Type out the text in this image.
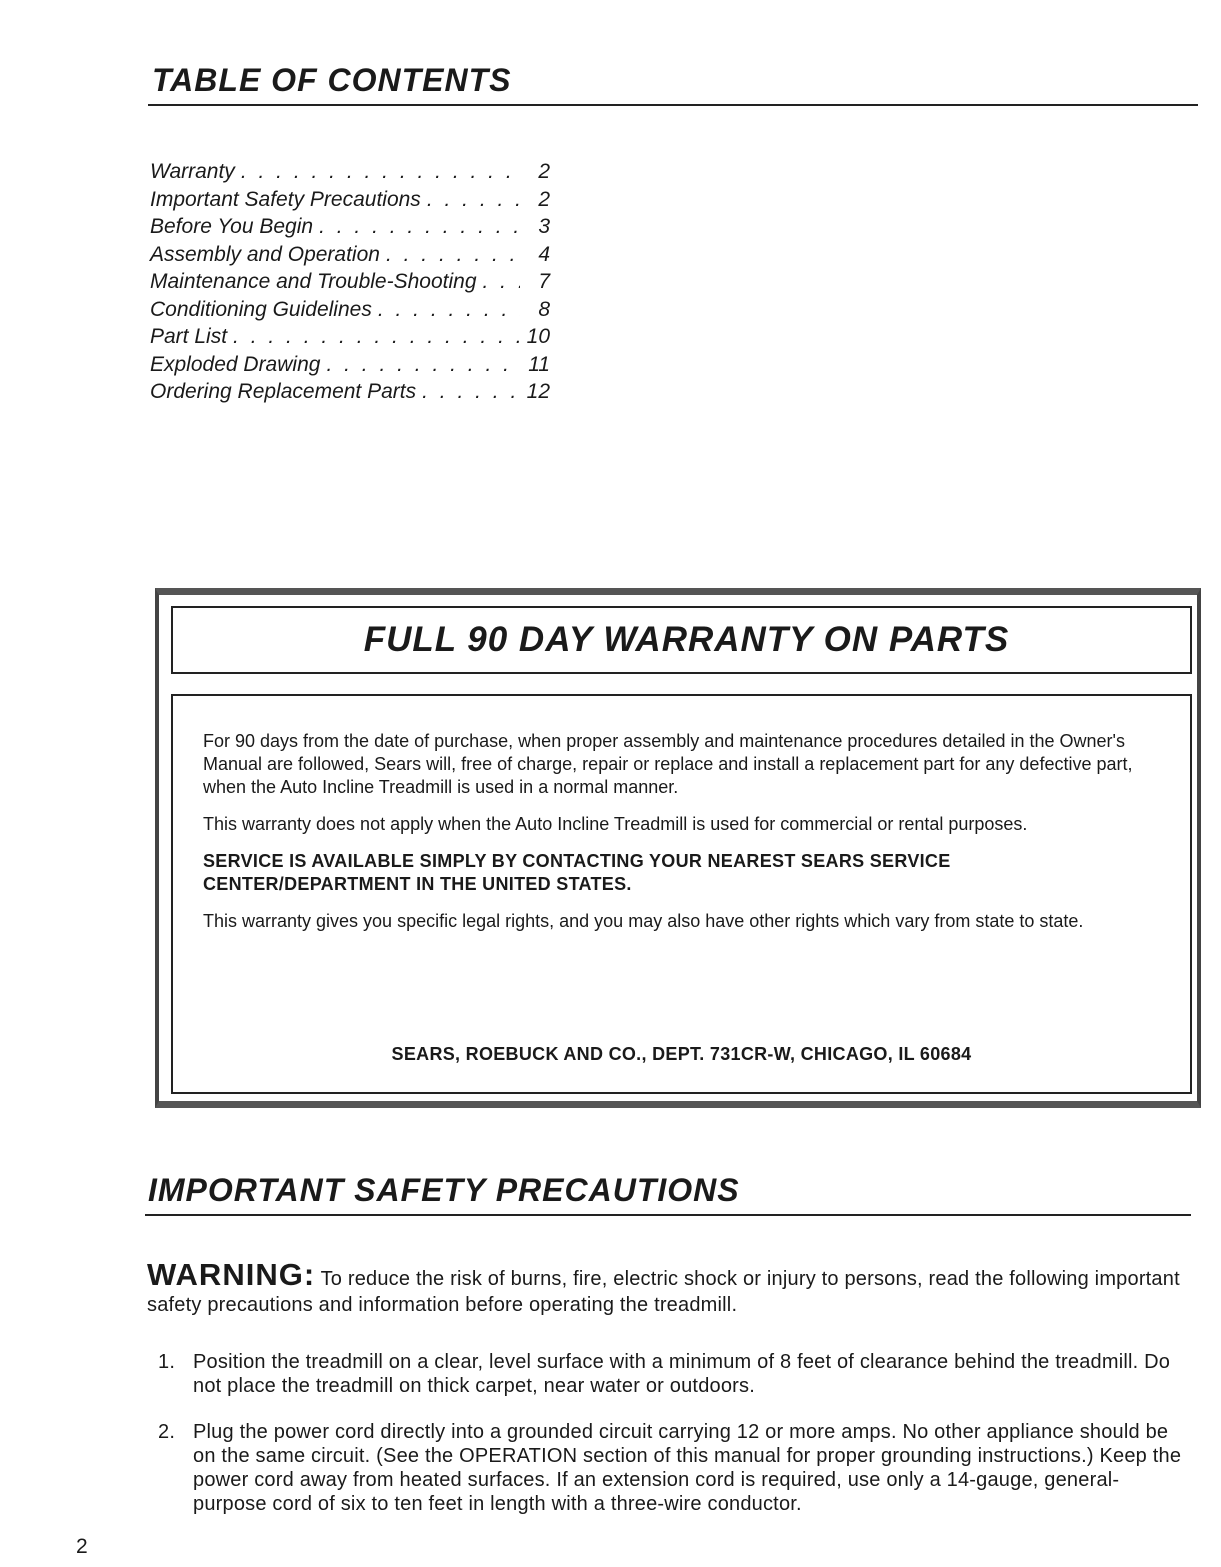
TABLE OF CONTENTS
Warranty . . .	2
Important Safety Precautions . . .	2
Before You Begin . . .	3
Assembly and Operation . . .	4
Maintenance and Trouble-Shooting . . .	7
Conditioning Guidelines . . .	8
Part List . . .	10
Exploded Drawing . . .	11
Ordering Replacement Parts . . .	12
FULL 90 DAY WARRANTY ON PARTS

For 90 days from the date of purchase, when proper assembly and maintenance procedures detailed in the Owner's Manual are followed, Sears will, free of charge, repair or replace and install a replacement part for any defective part, when the Auto Incline Treadmill is used in a normal manner.

This warranty does not apply when the Auto Incline Treadmill is used for commercial or rental purposes.

SERVICE IS AVAILABLE SIMPLY BY CONTACTING YOUR NEAREST SEARS SERVICE CENTER/DEPARTMENT IN THE UNITED STATES.

This warranty gives you specific legal rights, and you may also have other rights which vary from state to state.

SEARS, ROEBUCK AND CO., DEPT. 731CR-W, CHICAGO, IL 60684
IMPORTANT SAFETY PRECAUTIONS
WARNING: To reduce the risk of burns, fire, electric shock or injury to persons, read the following important safety precautions and information before operating the treadmill.
1. Position the treadmill on a clear, level surface with a minimum of 8 feet of clearance behind the treadmill. Do not place the treadmill on thick carpet, near water or outdoors.
2. Plug the power cord directly into a grounded circuit carrying 12 or more amps. No other appliance should be on the same circuit. (See the OPERATION section of this manual for proper grounding instructions.) Keep the power cord away from heated surfaces. If an extension cord is required, use only a 14-gauge, general-purpose cord of six to ten feet in length with a three-wire conductor.
2
